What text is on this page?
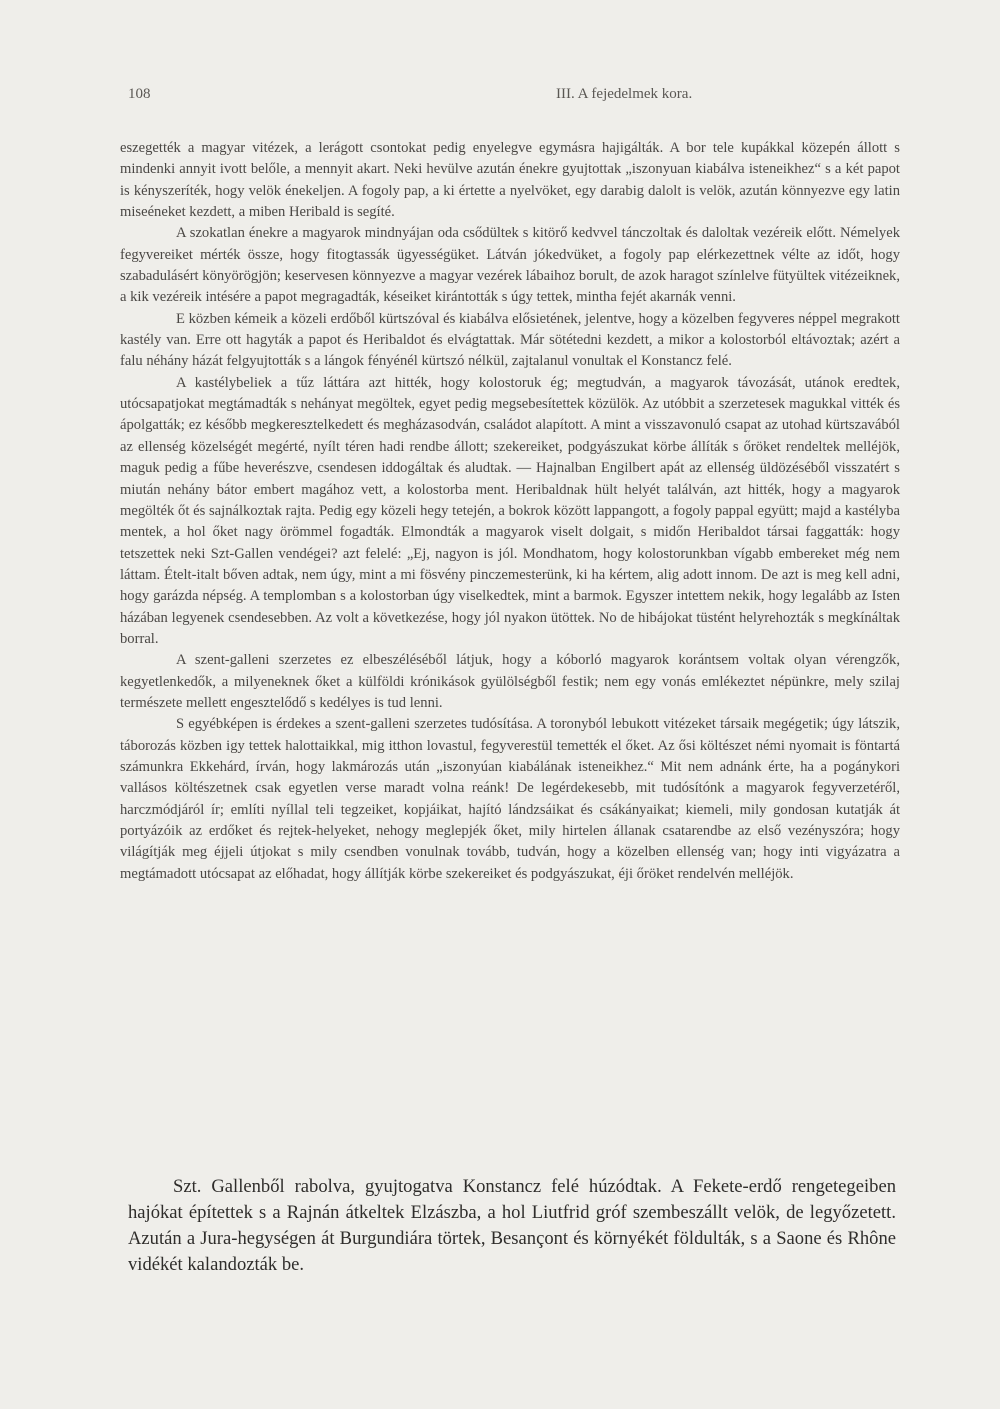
108	III. A fejedelmek kora.

eszegették a magyar vitézek, a lerágott csontokat pedig enyelegve egymásra hajigálták. A bor tele kupákkal közepén állott s mindenki annyit ivott belőle, a mennyit akart. Neki hevülve azután énekre gyujtottak „iszonyuan kiabálva isteneikhez“ s a két papot is kényszeríték, hogy velök énekeljen. A fogoly pap, a ki értette a nyelvöket, egy darabig dalolt is velök, azután könnyezve egy latin miseéneket kezdett, a miben Heribald is segíté.

A szokatlan énekre a magyarok mindnyájan oda csődültek s kitörő kedvvel tánczoltak és daloltak vezéreik előtt. Némelyek fegyvereiket mérték össze, hogy fitogtassák ügyességüket. Látván jókedvüket, a fogoly pap elérkezettnek vélte az időt, hogy szabadulásért könyörögjön; keservesen könnyezve a magyar vezérek lábaihoz borult, de azok haragot színlelve fütyültek vitézeiknek, a kik vezéreik intésére a papot megragadták, késeiket kirántották s úgy tettek, mintha fejét akarnák venni.

E közben kémeik a közeli erdőből kürtszóval és kiabálva elősietének, jelentve, hogy a közelben fegyveres néppel megrakott kastély van. Erre ott hagyták a papot és Heribaldot és elvágtattak. Már sötétedni kezdett, a mikor a kolostorból eltávoztak; azért a falu néhány házát felgyujtották s a lángok fényénél kürtszó nélkül, zajtalanul vonultak el Konstancz felé.

A kastélybeliek a tűz láttára azt hitték, hogy kolostoruk ég; megtudván, a magyarok távozását, utánok eredtek, utócsapatjokat megtámadták s nehányat megöltek, egyet pedig megsebesítettek közülök. Az utóbbit a szerzetesek magukkal vitték és ápolgatták; ez később megkeresztelkedett és megházasodván, családot alapított. A mint a visszavonuló csapat az utohad kürtszavából az ellenség közelségét megérté, nyílt téren hadi rendbe állott; szekereiket, podgyászukat körbe állíták s őröket rendeltek melléjök, maguk pedig a fűbe heverészve, csendesen iddogáltak és aludtak. — Hajnalban Engilbert apát az ellenség üldözéséből visszatért s miután nehány bátor embert magához vett, a kolostorba ment. Heribaldnak hült helyét találván, azt hitték, hogy a magyarok megölték őt és sajnálkoztak rajta. Pedig egy közeli hegy tetején, a bokrok között lappangott, a fogoly pappal együtt; majd a kastélyba mentek, a hol őket nagy örömmel fogadták. Elmondták a magyarok viselt dolgait, s midőn Heribaldot társai faggatták: hogy tetszettek neki Szt-Gallen vendégei? azt felelé: „Ej, nagyon is jól. Mondhatom, hogy kolostorunkban vígabb embereket még nem láttam. Ételt-italt bőven adtak, nem úgy, mint a mi fösvény pinczemesterünk, ki ha kértem, alig adott innom. De azt is meg kell adni, hogy garázda népség. A templomban s a kolostorban úgy viselkedtek, mint a barmok. Egyszer intettem nekik, hogy legalább az Isten házában legyenek csendesebben. Az volt a következése, hogy jól nyakon ütöttek. No de hibájokat tüstént helyrehozták s megkínáltak borral.

A szent-galleni szerzetes ez elbeszéléséből látjuk, hogy a kóborló magyarok korántsem voltak olyan vérengzők, kegyetlenkedők, a milyeneknek őket a külföldi krónikások gyülölségből festik; nem egy vonás emlékeztet népünkre, mely szilaj természete mellett engesztelődő s kedélyes is tud lenni.

S egyébképen is érdekes a szent-galleni szerzetes tudósítása. A toronyból lebukott vitézeket társaik megégetik; úgy látszik, táborozás közben igy tettek halottaikkal, mig itthon lovastul, fegyverestül temették el őket. Az ősi költészet némi nyomait is föntartá számunkra Ekkehárd, írván, hogy lakmározás után „iszonyúan kiabálának isteneikhez.“ Mit nem adnánk érte, ha a pogánykori vallásos költészetnek csak egyetlen verse maradt volna reánk! De legérdekesebb, mit tudósítónk a magyarok fegyverzetéről, harczmódjáról ír; említi nyíllal teli tegzeiket, kopjáikat, hajító lándzsáikat és csákányaikat; kiemeli, mily gondosan kutatják át portyázóik az erdőket és rejtek-helyeket, nehogy meglepjék őket, mily hirtelen állanak csatarendbe az első vezényszóra; hogy világítják meg éjjeli útjokat s mily csendben vonulnak tovább, tudván, hogy a közelben ellenség van; hogy inti vigyázatra a megtámadott utócsapat az előhadat, hogy állítják körbe szekereiket és podgyászukat, éji őröket rendelvén melléjök.

Szt. Gallenből rabolva, gyujtogatva Konstancz felé húzódtak. A Fekete-erdő rengetegeiben hajókat építettek s a Rajnán átkeltek Elzászba, a hol Liutfrid gróf szembeszállt velök, de legyőzetett. Azután a Jura-hegységen át Burgundiára törtek, Besançont és környékét földulták, s a Saone és Rhône vidékét kalandozták be.
